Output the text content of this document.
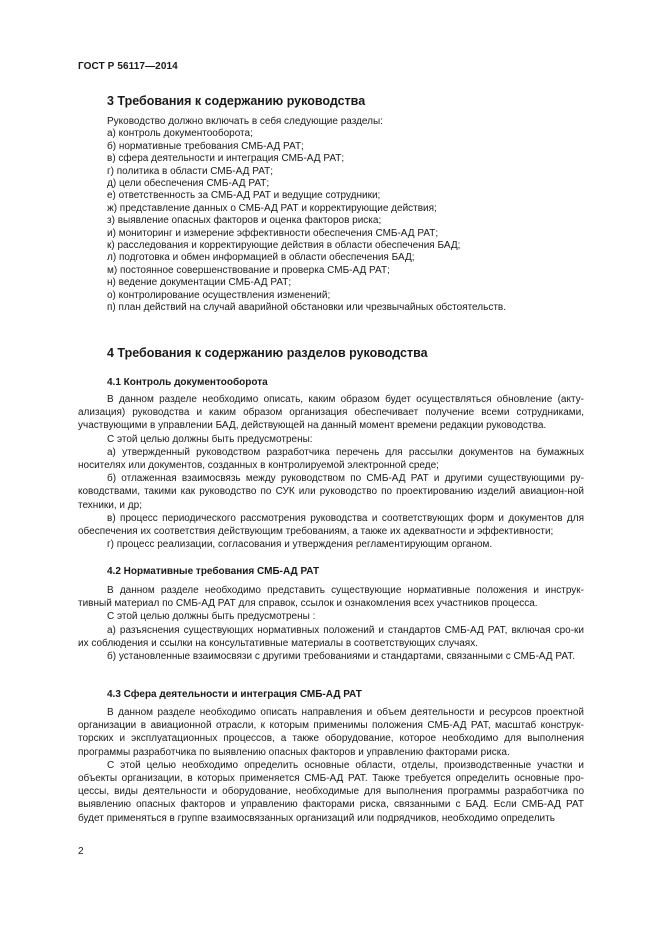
ГОСТ Р 56117—2014
3 Требования к содержанию руководства
Руководство должно включать в себя следующие разделы:
а) контроль документооборота;
б) нормативные требования СМБ-АД РАТ;
в) сфера деятельности и интеграция СМБ-АД РАТ;
г) политика в области СМБ-АД РАТ;
д) цели обеспечения СМБ-АД РАТ;
е) ответственность за СМБ-АД РАТ и ведущие сотрудники;
ж) представление данных о СМБ-АД РАТ и корректирующие действия;
з) выявление опасных факторов и оценка факторов риска;
и) мониторинг и измерение эффективности обеспечения СМБ-АД РАТ;
к) расследования и корректирующие действия в области обеспечения БАД;
л) подготовка и обмен информацией в области обеспечения БАД;
м) постоянное совершенствование и проверка СМБ-АД РАТ;
н) ведение документации СМБ-АД РАТ;
о) контролирование осуществления изменений;
п) план действий на случай аварийной обстановки или чрезвычайных обстоятельств.
4 Требования к содержанию разделов руководства
4.1 Контроль документооборота

В данном разделе необходимо описать, каким образом будет осуществляться обновление (акту-ализация) руководства и каким образом организация обеспечивает получение всеми сотрудниками, участвующими в управлении БАД, действующей на данный момент времени редакции руководства.

С этой целью должны быть предусмотрены:

а) утвержденный руководством разработчика перечень для рассылки документов на бумажных носителях или документов, созданных в контролируемой электронной среде;

б) отлаженная взаимосвязь между руководством по СМБ-АД РАТ и другими существующими ру-ководствами, такими как руководство по СУК или руководство по проектированию изделий авиацион-ной техники, и др;

в) процесс периодического рассмотрения руководства и соответствующих форм и документов для обеспечения их соответствия действующим требованиям, а также их адекватности и эффективности;

г) процесс реализации, согласования и утверждения регламентирующим органом.

4.2 Нормативные требования СМБ-АД РАТ

В данном разделе необходимо представить существующие нормативные положения и инструк-тивный материал по СМБ-АД РАТ для справок, ссылок и ознакомления всех участников процесса.

С этой целью должны быть предусмотрены :

а) разъяснения существующих нормативных положений и стандартов СМБ-АД РАТ, включая сро-ки их соблюдения и ссылки на консультативные материалы в соответствующих случаях.

б) установленные взаимосвязи с другими требованиями и стандартами, связанными с СМБ-АД РАТ.

4.3 Сфера деятельности и интеграция СМБ-АД РАТ

В данном разделе необходимо описать направления и объем деятельности и ресурсов проектной организации в авиационной отрасли, к которым применимы положения СМБ-АД РАТ, масштаб конструк-торских и эксплуатационных процессов, а также оборудование, которое необходимо для выполнения программы разработчика по выявлению опасных факторов и управлению факторами риска.

С этой целью необходимо определить основные области, отделы, производственные участки и объекты организации, в которых применяется СМБ-АД РАТ. Также требуется определить основные про-цессы, виды деятельности и оборудование, необходимые для выполнения программы разработчика по выявлению опасных факторов и управлению факторами риска, связанными с БАД. Если СМБ-АД РАТ будет применяться в группе взаимосвязанных организаций или подрядчиков, необходимо определить

2
